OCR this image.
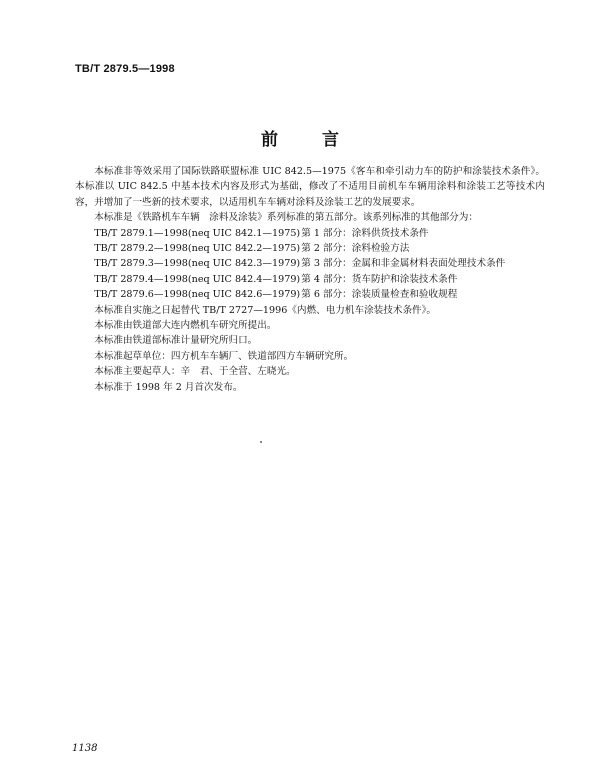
TB/T 2879.5—1998
前 言

本标准非等效采用了国际铁路联盟标准 UIC 842.5—1975《客车和牵引动力车的防护和涂装技术条件》。本标准以 UIC 842.5 中基本技术内容及形式为基础，修改了不适用目前机车车辆用涂料和涂装工艺等技术内容，并增加了一些新的技术要求，以适用机车车辆对涂料及涂装工艺的发展要求。

本标准是《铁路机车车辆　涂料及涂装》系列标准的第五部分。该系列标准的其他部分为：

TB/T 2879.1—1998(neq UIC 842.1—1975)第 1 部分：涂料供货技术条件

TB/T 2879.2—1998(neq UIC 842.2—1975)第 2 部分：涂料检验方法

TB/T 2879.3—1998(neq UIC 842.3—1979)第 3 部分：金属和非金属材料表面处理技术条件

TB/T 2879.4—1998(neq UIC 842.4—1979)第 4 部分：货车防护和涂装技术条件

TB/T 2879.6—1998(neq UIC 842.6—1979)第 6 部分：涂装质量检查和验收规程

本标准自实施之日起替代 TB/T 2727—1996《内燃、电力机车涂装技术条件》。

本标准由铁道部大连内燃机车研究所提出。

本标准由铁道部标准计量研究所归口。

本标准起草单位：四方机车车辆厂、铁道部四方车辆研究所。

本标准主要起草人：辛　君、于全营、左晓光。

本标准于 1998 年 2 月首次发布。

1138
